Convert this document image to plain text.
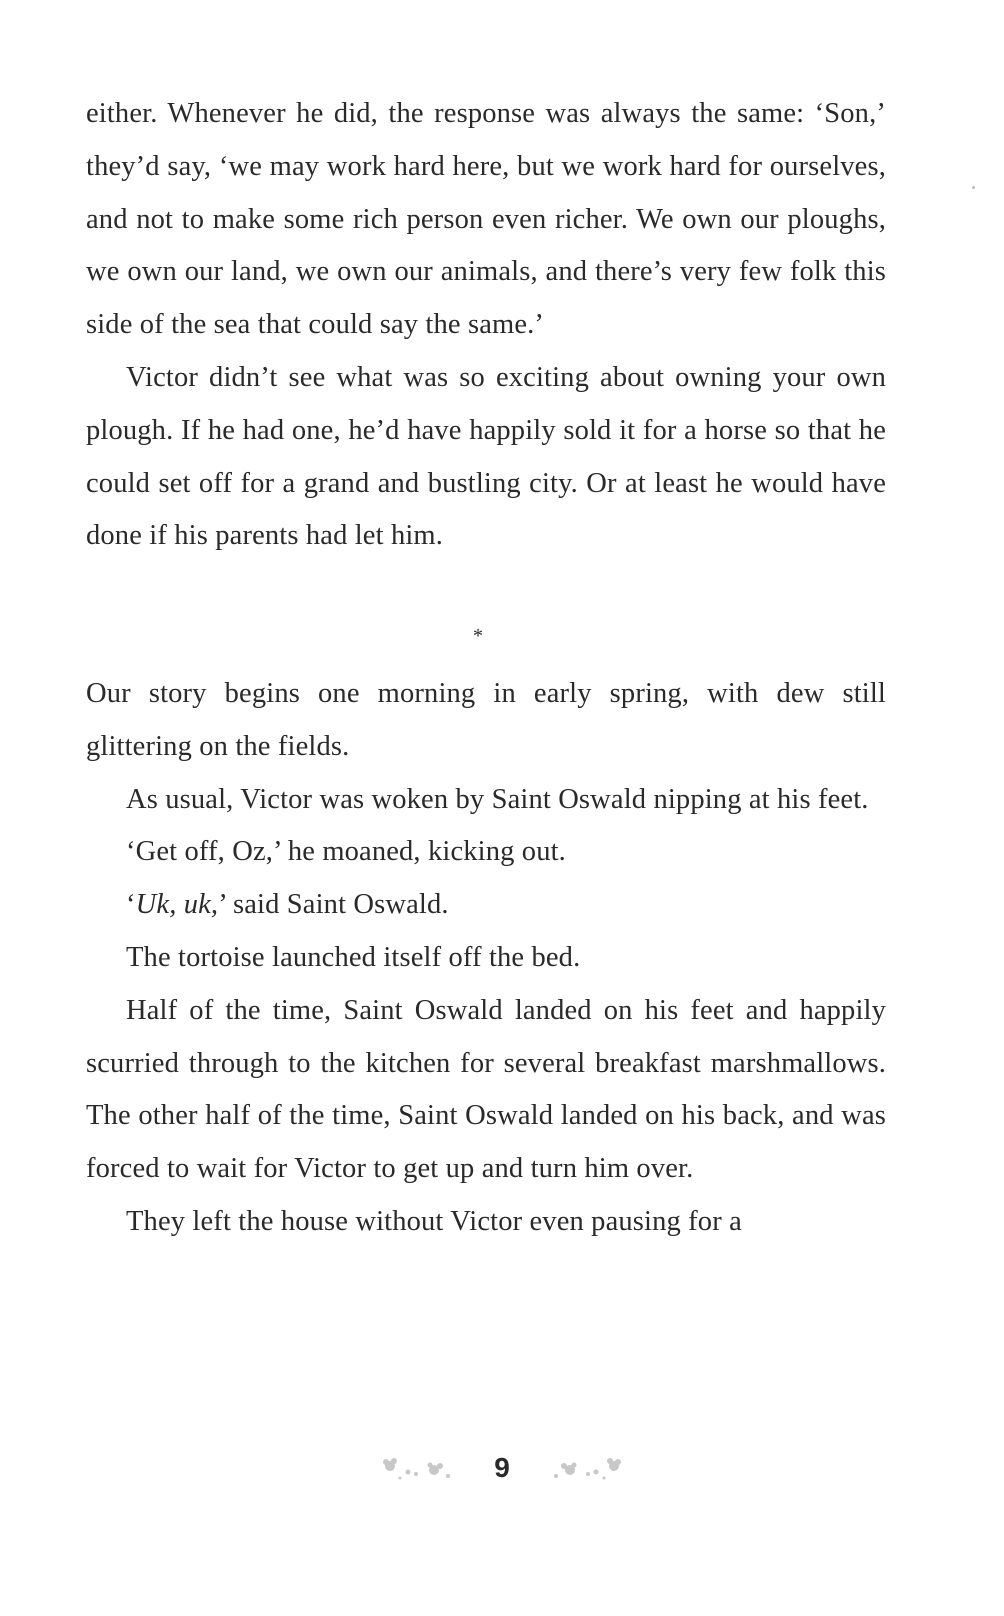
either. Whenever he did, the response was always the same: ‘Son,’ they’d say, ‘we may work hard here, but we work hard for ourselves, and not to make some rich person even richer. We own our ploughs, we own our land, we own our animals, and there’s very few folk this side of the sea that could say the same.’

Victor didn’t see what was so exciting about owning your own plough. If he had one, he’d have happily sold it for a horse so that he could set off for a grand and bustling city. Or at least he would have done if his parents had let him.

*

Our story begins one morning in early spring, with dew still glittering on the fields.

As usual, Victor was woken by Saint Oswald nipping at his feet.

‘Get off, Oz,’ he moaned, kicking out.

‘Uk, uk,’ said Saint Oswald.

The tortoise launched itself off the bed.

Half of the time, Saint Oswald landed on his feet and happily scurried through to the kitchen for several breakfast marshmallows. The other half of the time, Saint Oswald landed on his back, and was forced to wait for Victor to get up and turn him over.

They left the house without Victor even pausing for a

9
